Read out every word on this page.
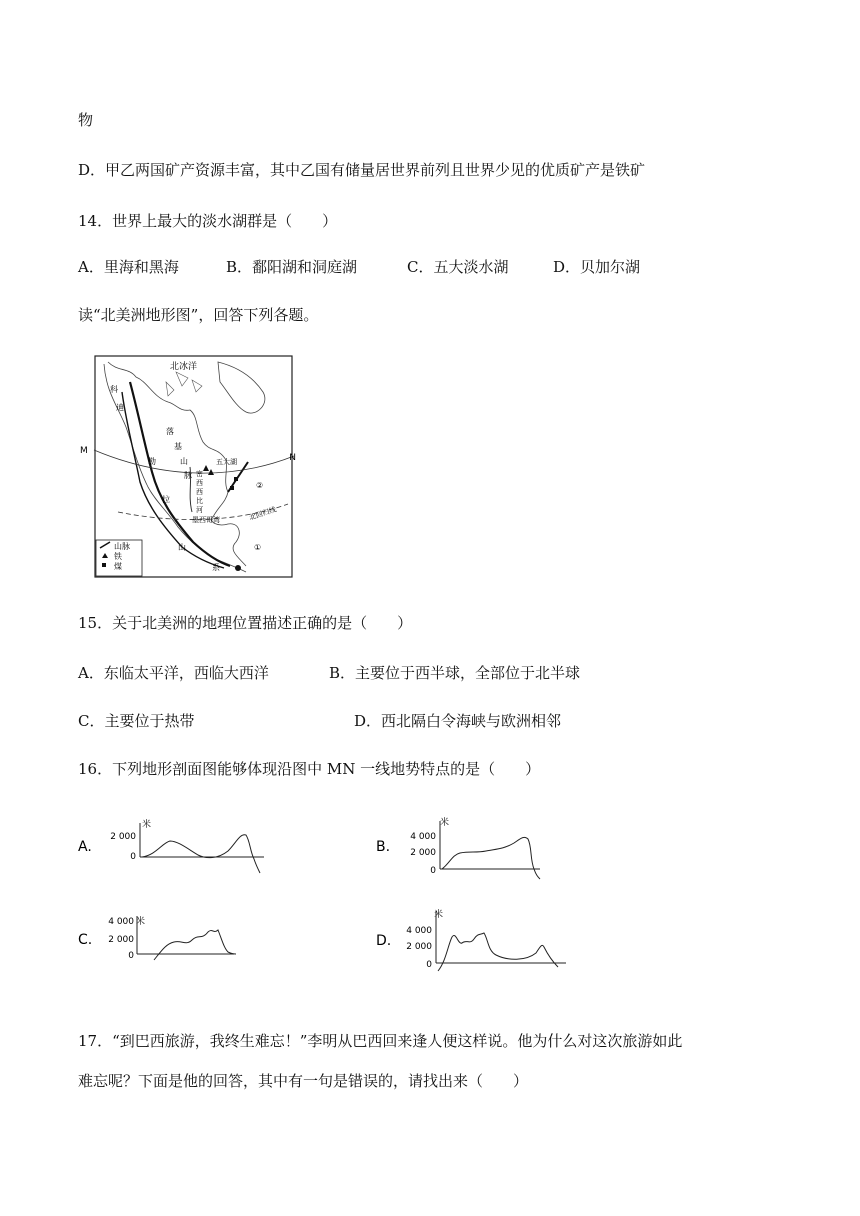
物
D．甲乙两国矿产资源丰富，其中乙国有储量居世界前列且世界少见的优质矿产是铁矿
14．世界上最大的淡水湖群是（　　）
A．里海和黑海	B．鄱阳湖和洞庭湖	C．五大淡水湖	D．贝加尔湖
读“北美洲地形图”，回答下列各题。
山脉
铁
煤
北冰洋
M
N
五大湖
墨西哥湾	北回归线
②
①
落
基
山
脉
科
迪
勒
拉
山
系
密
西
西
比
河
15．关于北美洲的地理位置描述正确的是（　　）
A．东临太平洋，西临大西洋	B．主要位于西半球，全部位于北半球
C．主要位于热带	D．西北隔白令海峡与欧洲相邻
16．下列地形剖面图能够体现沿图中 MN 一线地势特点的是（　　）
A.
米
2 000
0
B.
米
4 000
2 000
0
C.
米
4 000
2 000
0
D.
米
4 000
2 000
0
17．“到巴西旅游，我终生难忘！”李明从巴西回来逢人便这样说。他为什么对这次旅游如此
难忘呢？下面是他的回答，其中有一句是错误的，请找出来（　　）
